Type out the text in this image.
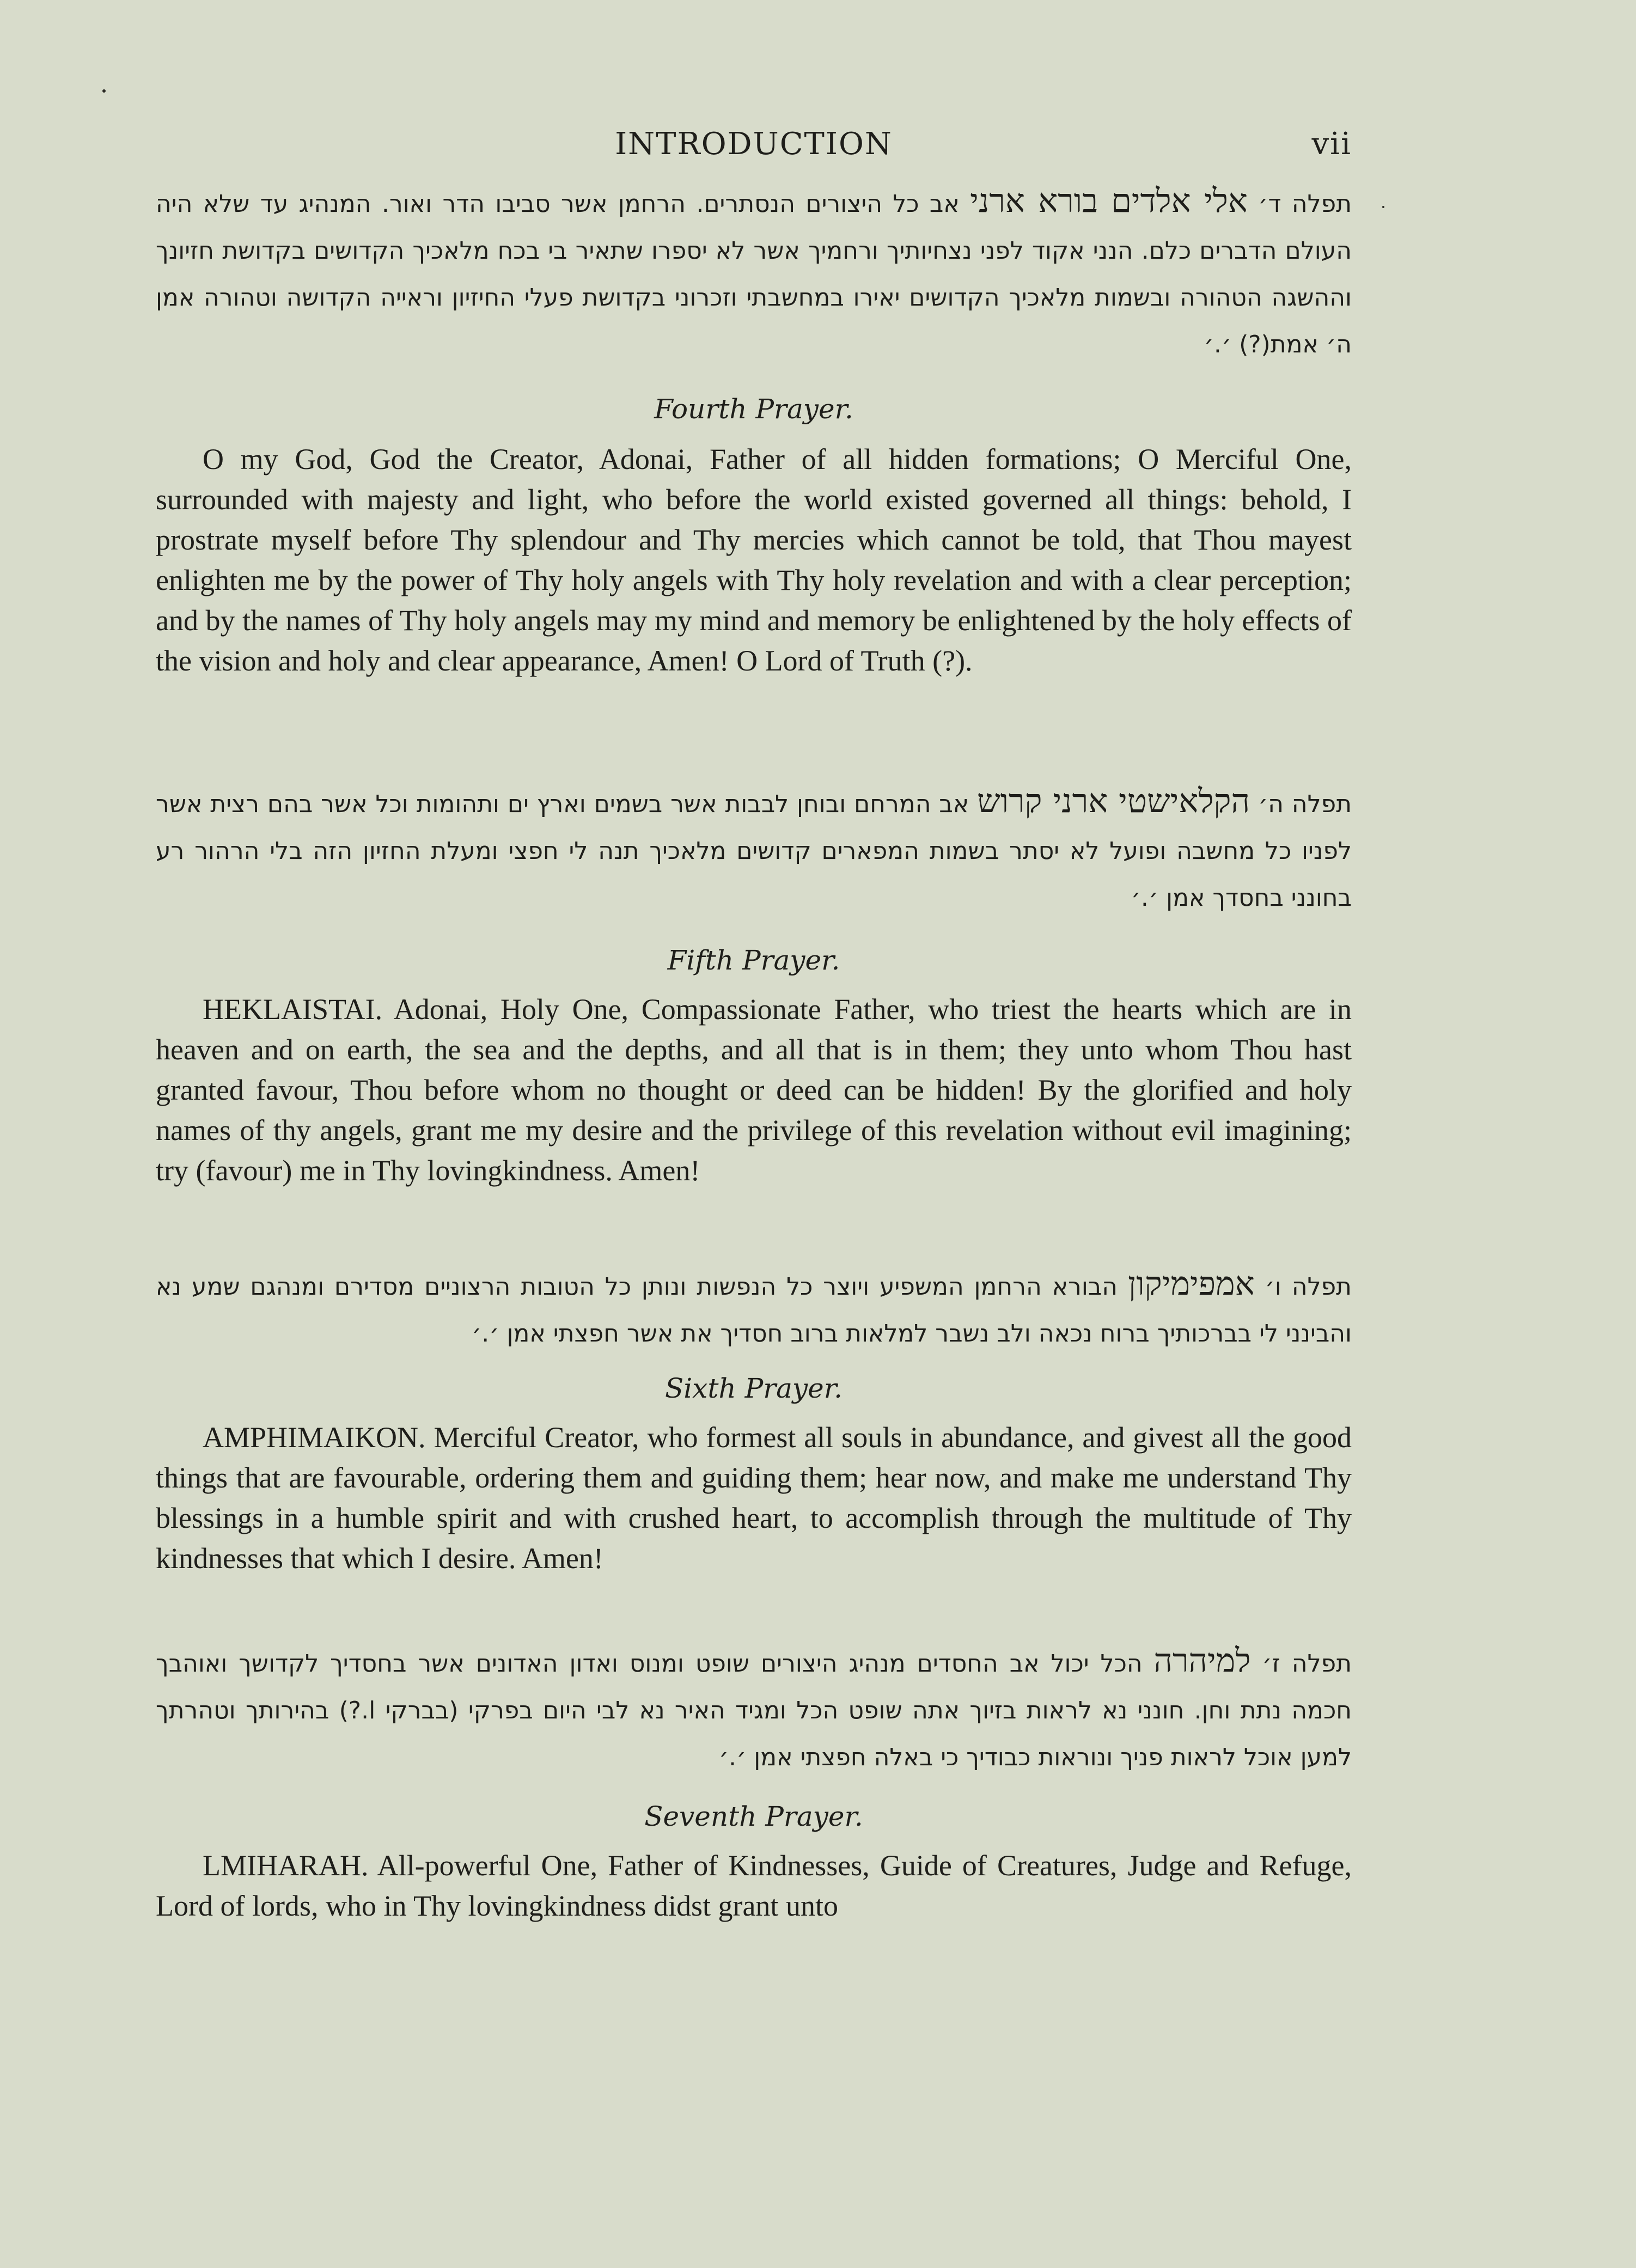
INTRODUCTION	vii
תפלה ד׳ אלי אלדים בורא ארני אב כל היצורים הנסתרים. הרחמן אשר סביבו הדר ואור. המנהיג עד שלא היה העולם הדברים כלם. הנני אקוד לפני נצחיותיך ורחמיך אשר לא יספרו שתאיר בי בכח מלאכיך הקדושים בקדושת חזיונך וההשגה הטהורה ובשמות מלאכיך הקדושים יאירו במחשבתי וזכרוני בקדושת פעלי החיזיון וראייה הקדושה וטהורה אמן ה׳ אמת(?) ׳.׳
Fourth Prayer.
O my God, God the Creator, Adonai, Father of all hidden formations; O Merciful One, surrounded with majesty and light, who before the world existed governed all things: behold, I prostrate myself before Thy splendour and Thy mercies which cannot be told, that Thou mayest enlighten me by the power of Thy holy angels with Thy holy revelation and with a clear perception; and by the names of Thy holy angels may my mind and memory be enlightened by the holy effects of the vision and holy and clear appearance, Amen! O Lord of Truth (?).
תפלה ה׳ הקלאישטי ארני קרוש אב המרחם ובוחן לבבות אשר בשמים וארץ ים ותהומות וכל אשר בהם רצית אשר לפניו כל מחשבה ופועל לא יסתר בשמות המפארים קדושים מלאכיך תנה לי חפצי ומעלת החזיון הזה בלי הרהור רע בחונני בחסדך אמן ׳.׳
Fifth Prayer.
HEKLAISTAI. Adonai, Holy One, Compassionate Father, who triest the hearts which are in heaven and on earth, the sea and the depths, and all that is in them; they unto whom Thou hast granted favour, Thou before whom no thought or deed can be hidden! By the glorified and holy names of thy angels, grant me my desire and the privilege of this revelation without evil imagining; try (favour) me in Thy lovingkindness. Amen!
תפלה ו׳ אמפימיקון הבורא הרחמן המשפיע ויוצר כל הנפשות ונותן כל הטובות הרצוניים מסדירם ומנהגם שמע נא והבינני לי בברכותיך ברוח נכאה ולב נשבר למלאות ברוב חסדיך את אשר חפצתי אמן ׳.׳
Sixth Prayer.
AMPHIMAIKON. Merciful Creator, who formest all souls in abundance, and givest all the good things that are favourable, ordering them and guiding them; hear now, and make me understand Thy blessings in a humble spirit and with crushed heart, to accomplish through the multitude of Thy kindnesses that which I desire. Amen!
תפלה ז׳ למיהרה הכל יכול אב החסדים מנהיג היצורים שופט ומנוס ואדון האדונים אשר בחסדיך לקדושך ואוהבך חכמה נתת וחן. חונני נא לראות בזיוך אתה שופט הכל ומגיד האיר נא לבי היום בפרקי (בברקי l.?) בהירותך וטהרתך למען אוכל לראות פניך ונוראות כבודיך כי באלה חפצתי אמן ׳.׳
Seventh Prayer.
LMIHARAH. All-powerful One, Father of Kindnesses, Guide of Creatures, Judge and Refuge, Lord of lords, who in Thy lovingkindness didst grant unto
